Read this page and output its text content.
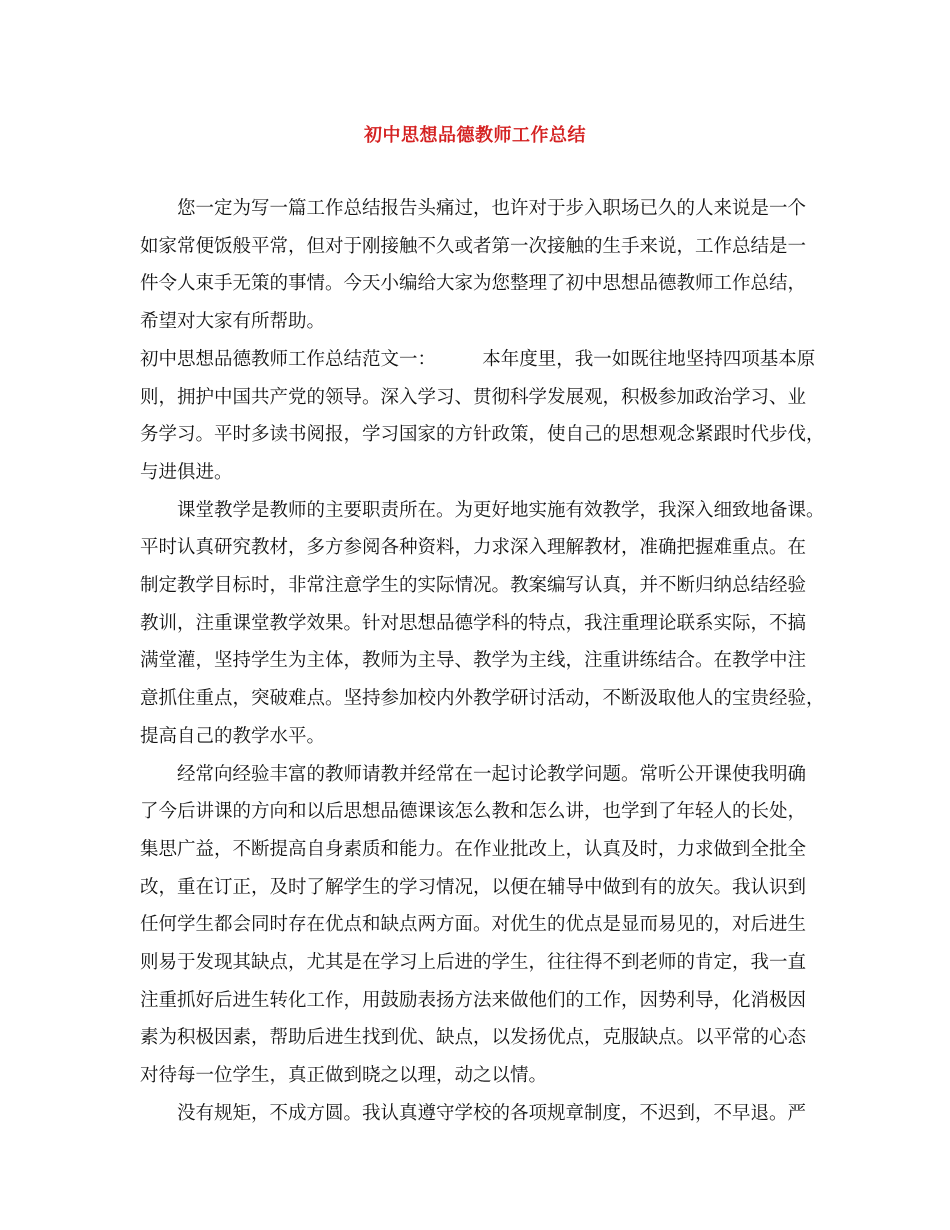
初中思想品德教师工作总结
　　您一定为写一篇工作总结报告头痛过，也许对于步入职场已久的人来说是一个
如家常便饭般平常，但对于刚接触不久或者第一次接触的生手来说，工作总结是一
件令人束手无策的事情。今天小编给大家为您整理了初中思想品德教师工作总结，
希望对大家有所帮助。
初中思想品德教师工作总结范文一：　　　本年度里，我一如既往地坚持四项基本原
则，拥护中国共产党的领导。深入学习、贯彻科学发展观，积极参加政治学习、业
务学习。平时多读书阅报，学习国家的方针政策，使自己的思想观念紧跟时代步伐，
与进俱进。
　　课堂教学是教师的主要职责所在。为更好地实施有效教学，我深入细致地备课。
平时认真研究教材，多方参阅各种资料，力求深入理解教材，准确把握难重点。在
制定教学目标时，非常注意学生的实际情况。教案编写认真，并不断归纳总结经验
教训，注重课堂教学效果。针对思想品德学科的特点，我注重理论联系实际，不搞
满堂灌，坚持学生为主体，教师为主导、教学为主线，注重讲练结合。在教学中注
意抓住重点，突破难点。坚持参加校内外教学研讨活动，不断汲取他人的宝贵经验，
提高自己的教学水平。
　　经常向经验丰富的教师请教并经常在一起讨论教学问题。常听公开课使我明确
了今后讲课的方向和以后思想品德课该怎么教和怎么讲，也学到了年轻人的长处，
集思广益，不断提高自身素质和能力。在作业批改上，认真及时，力求做到全批全
改，重在订正，及时了解学生的学习情况，以便在辅导中做到有的放矢。我认识到
任何学生都会同时存在优点和缺点两方面。对优生的优点是显而易见的，对后进生
则易于发现其缺点，尤其是在学习上后进的学生，往往得不到老师的肯定，我一直
注重抓好后进生转化工作，用鼓励表扬方法来做他们的工作，因势利导，化消极因
素为积极因素，帮助后进生找到优、缺点，以发扬优点，克服缺点。以平常的心态
对待每一位学生，真正做到晓之以理，动之以情。
　　没有规矩，不成方圆。我认真遵守学校的各项规章制度，不迟到，不早退。严
